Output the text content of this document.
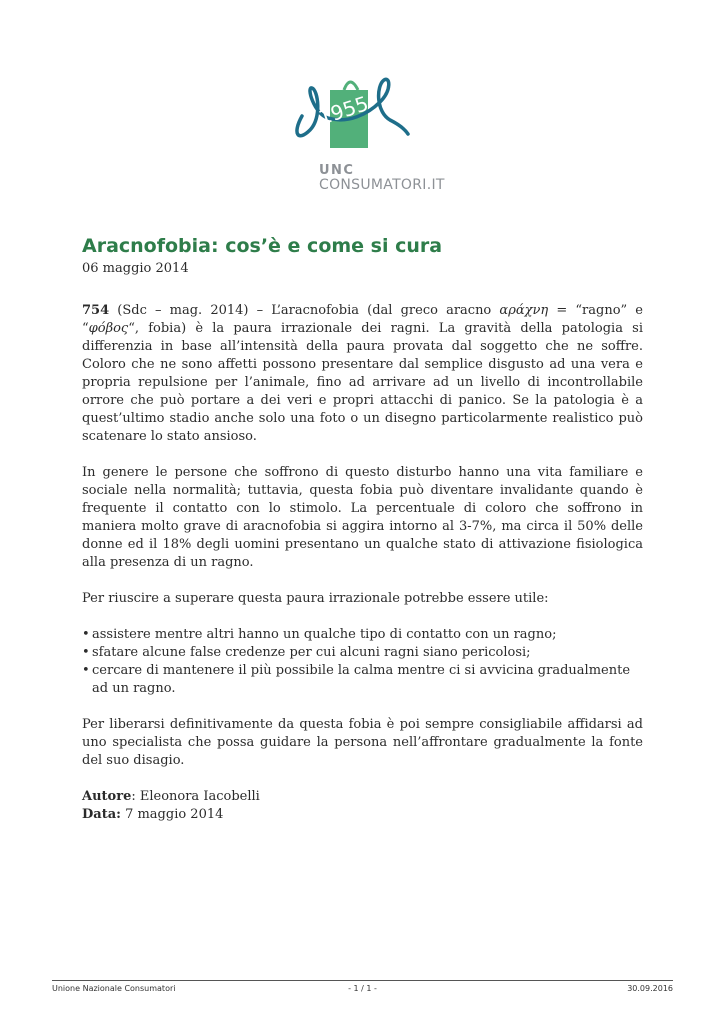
1955
UNC
CONSUMATORI.IT
Aracnofobia: cos’è e come si cura
06 maggio 2014

754 (Sdc – mag. 2014) – L’aracnofobia (dal greco aracno αράχνη = “ragno” e “φόβος“, fobia) è la paura irrazionale dei ragni. La gravità della patologia si differenzia in base all’intensità della paura provata dal soggetto che ne soffre. Coloro che ne sono affetti possono presentare dal semplice disgusto ad una vera e propria repulsione per l’animale, fino ad arrivare ad un livello di incontrollabile orrore che può portare a dei veri e propri attacchi di panico. Se la patologia è a quest’ultimo stadio anche solo una foto o un disegno particolarmente realistico può scatenare lo stato ansioso.

In genere le persone che soffrono di questo disturbo hanno una vita familiare e sociale nella normalità; tuttavia, questa fobia può diventare invalidante quando è frequente il contatto con lo stimolo. La percentuale di coloro che soffrono in maniera molto grave di aracnofobia si aggira intorno al 3-7%, ma circa il 50% delle donne ed il 18% degli uomini presentano un qualche stato di attivazione fisiologica alla presenza di un ragno.

Per riuscire a superare questa paura irrazionale potrebbe essere utile:

• assistere mentre altri hanno un qualche tipo di contatto con un ragno;
• sfatare alcune false credenze per cui alcuni ragni siano pericolosi;
• cercare di mantenere il più possibile la calma mentre ci si avvicina gradualmente ad un ragno.

Per liberarsi definitivamente da questa fobia è poi sempre consigliabile affidarsi ad uno specialista che possa guidare la persona nell’affrontare gradualmente la fonte del suo disagio.

Autore: Eleonora Iacobelli
Data: 7 maggio 2014
Unione Nazionale Consumatori	- 1 / 1 -	30.09.2016
